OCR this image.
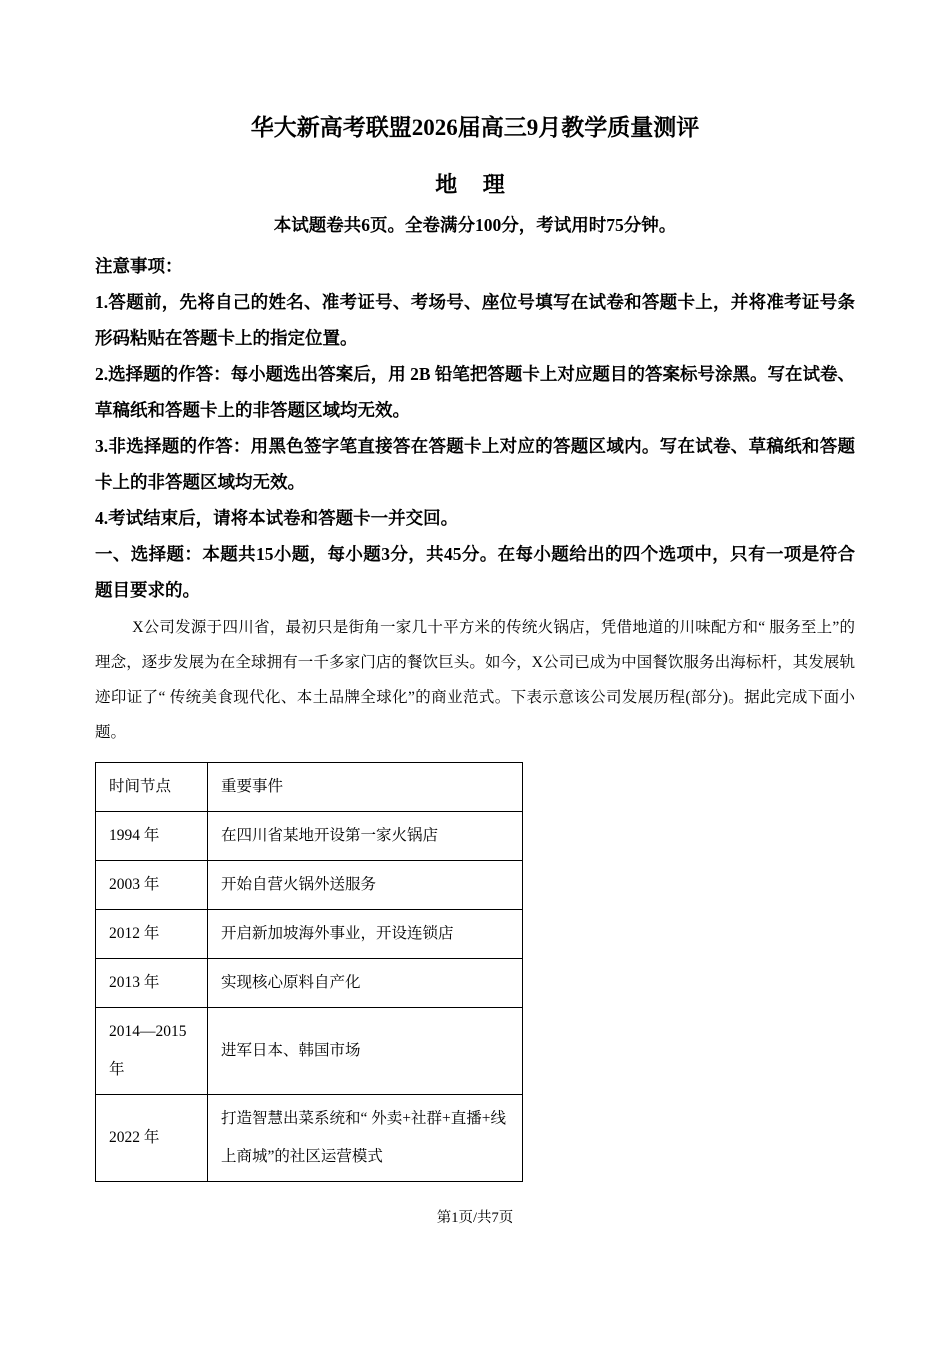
华大新高考联盟2026届高三9月教学质量测评
地 理

本试题卷共6页。全卷满分100分，考试用时75分钟。

注意事项：

1.答题前，先将自己的姓名、准考证号、考场号、座位号填写在试卷和答题卡上，并将准考证号条形码粘贴在答题卡上的指定位置。

2.选择题的作答：每小题选出答案后，用 2B 铅笔把答题卡上对应题目的答案标号涂黑。写在试卷、草稿纸和答题卡上的非答题区域均无效。

3.非选择题的作答：用黑色签字笔直接答在答题卡上对应的答题区域内。写在试卷、草稿纸和答题卡上的非答题区域均无效。

4.考试结束后，请将本试卷和答题卡一并交回。

一、选择题：本题共15小题，每小题3分，共45分。在每小题给出的四个选项中，只有一项是符合题目要求的。

X公司发源于四川省，最初只是街角一家几十平方米的传统火锅店，凭借地道的川味配方和“ 服务至上”的理念，逐步发展为在全球拥有一千多家门店的餐饮巨头。如今，X公司已成为中国餐饮服务出海标杆，其发展轨迹印证了“ 传统美食现代化、本土品牌全球化”的商业范式。下表示意该公司发展历程(部分)。据此完成下面小题。

时间节点	重要事件
1994 年	在四川省某地开设第一家火锅店
2003 年	开始自营火锅外送服务
2012 年	开启新加坡海外事业，开设连锁店
2013 年	实现核心原料自产化
2014—2015 年	进军日本、韩国市场
2022 年	打造智慧出菜系统和“ 外卖+社群+直播+线上商城”的社区运营模式

第1页/共7页
